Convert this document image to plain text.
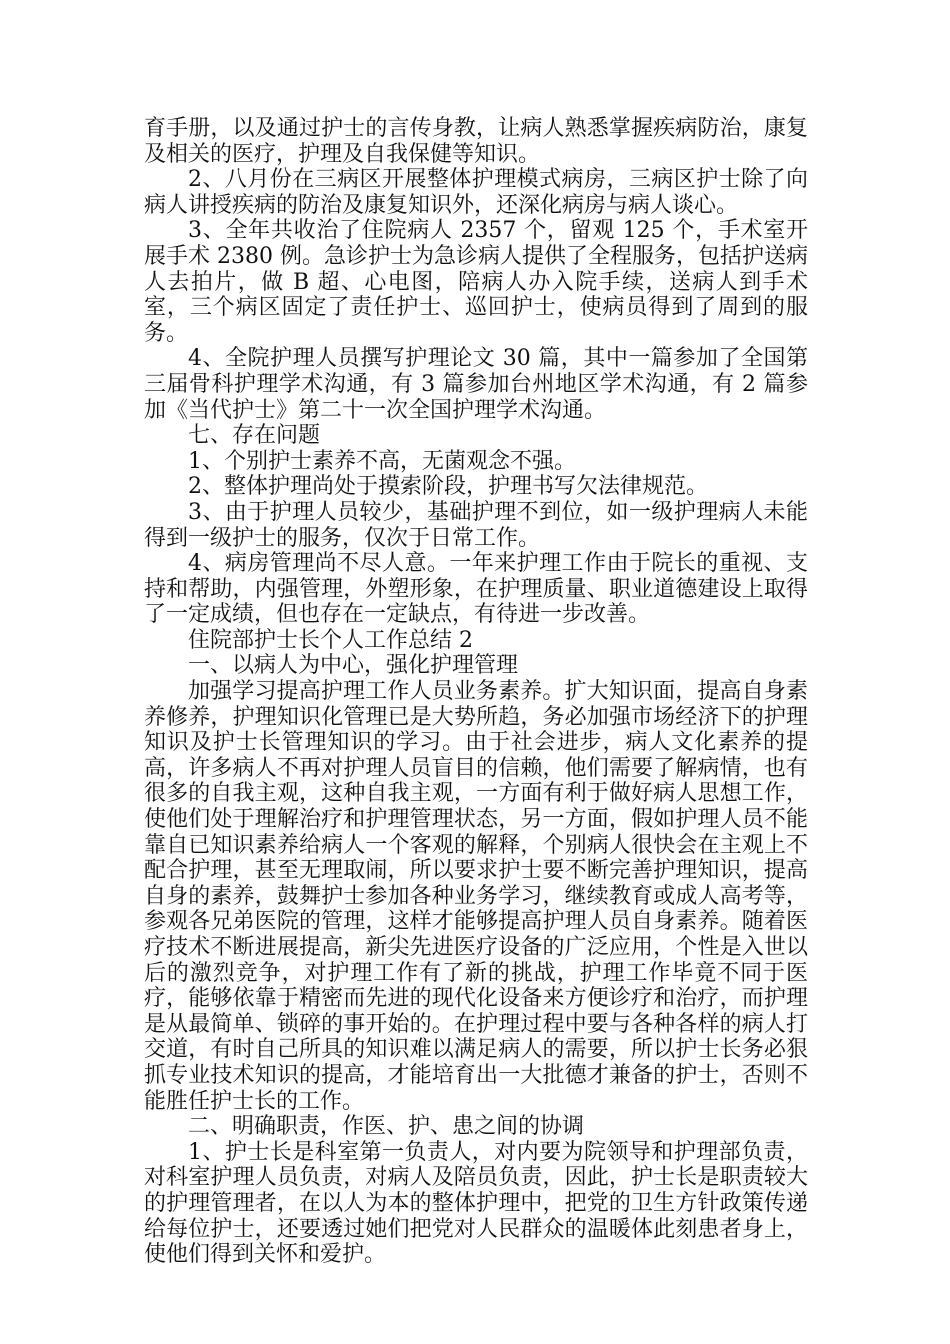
育手册，以及通过护士的言传身教，让病人熟悉掌握疾病防治，康复及相关的医疗，护理及自我保健等知识。

2、八月份在三病区开展整体护理模式病房，三病区护士除了向病人讲授疾病的防治及康复知识外，还深化病房与病人谈心。

3、全年共收治了住院病人 2357 个，留观 125 个，手术室开展手术 2380 例。急诊护士为急诊病人提供了全程服务，包括护送病人去拍片，做 B 超、心电图，陪病人办入院手续，送病人到手术室，三个病区固定了责任护士、巡回护士，使病员得到了周到的服务。

4、全院护理人员撰写护理论文 30 篇，其中一篇参加了全国第三届骨科护理学术沟通，有 3 篇参加台州地区学术沟通，有 2 篇参加《当代护士》第二十一次全国护理学术沟通。

七、存在问题

1、个别护士素养不高，无菌观念不强。

2、整体护理尚处于摸索阶段，护理书写欠法律规范。

3、由于护理人员较少，基础护理不到位，如一级护理病人未能得到一级护士的服务，仅次于日常工作。

4、病房管理尚不尽人意。一年来护理工作由于院长的重视、支持和帮助，内强管理，外塑形象，在护理质量、职业道德建设上取得了一定成绩，但也存在一定缺点，有待进一步改善。

住院部护士长个人工作总结 2

一、以病人为中心，强化护理管理

加强学习提高护理工作人员业务素养。扩大知识面，提高自身素养修养，护理知识化管理已是大势所趋，务必加强市场经济下的护理知识及护士长管理知识的学习。由于社会进步，病人文化素养的提高，许多病人不再对护理人员盲目的信赖，他们需要了解病情，也有很多的自我主观，这种自我主观，一方面有利于做好病人思想工作，使他们处于理解治疗和护理管理状态，另一方面，假如护理人员不能靠自已知识素养给病人一个客观的解释，个别病人很快会在主观上不配合护理，甚至无理取闹，所以要求护士要不断完善护理知识，提高自身的素养，鼓舞护士参加各种业务学习，继续教育或成人高考等，参观各兄弟医院的管理，这样才能够提高护理人员自身素养。随着医疗技术不断进展提高，新尖先进医疗设备的广泛应用，个性是入世以后的激烈竞争，对护理工作有了新的挑战，护理工作毕竟不同于医疗，能够依靠于精密而先进的现代化设备来方便诊疗和治疗，而护理是从最简单、锁碎的事开始的。在护理过程中要与各种各样的病人打交道，有时自己所具的知识难以满足病人的需要，所以护士长务必狠抓专业技术知识的提高，才能培育出一大批德才兼备的护士，否则不能胜任护士长的工作。

二、明确职责，作医、护、患之间的协调

1、护士长是科室第一负责人，对内要为院领导和护理部负责，对科室护理人员负责，对病人及陪员负责，因此，护士长是职责较大的护理管理者，在以人为本的整体护理中，把党的卫生方针政策传递给每位护士，还要透过她们把党对人民群众的温暖体此刻患者身上，使他们得到关怀和爱护。
